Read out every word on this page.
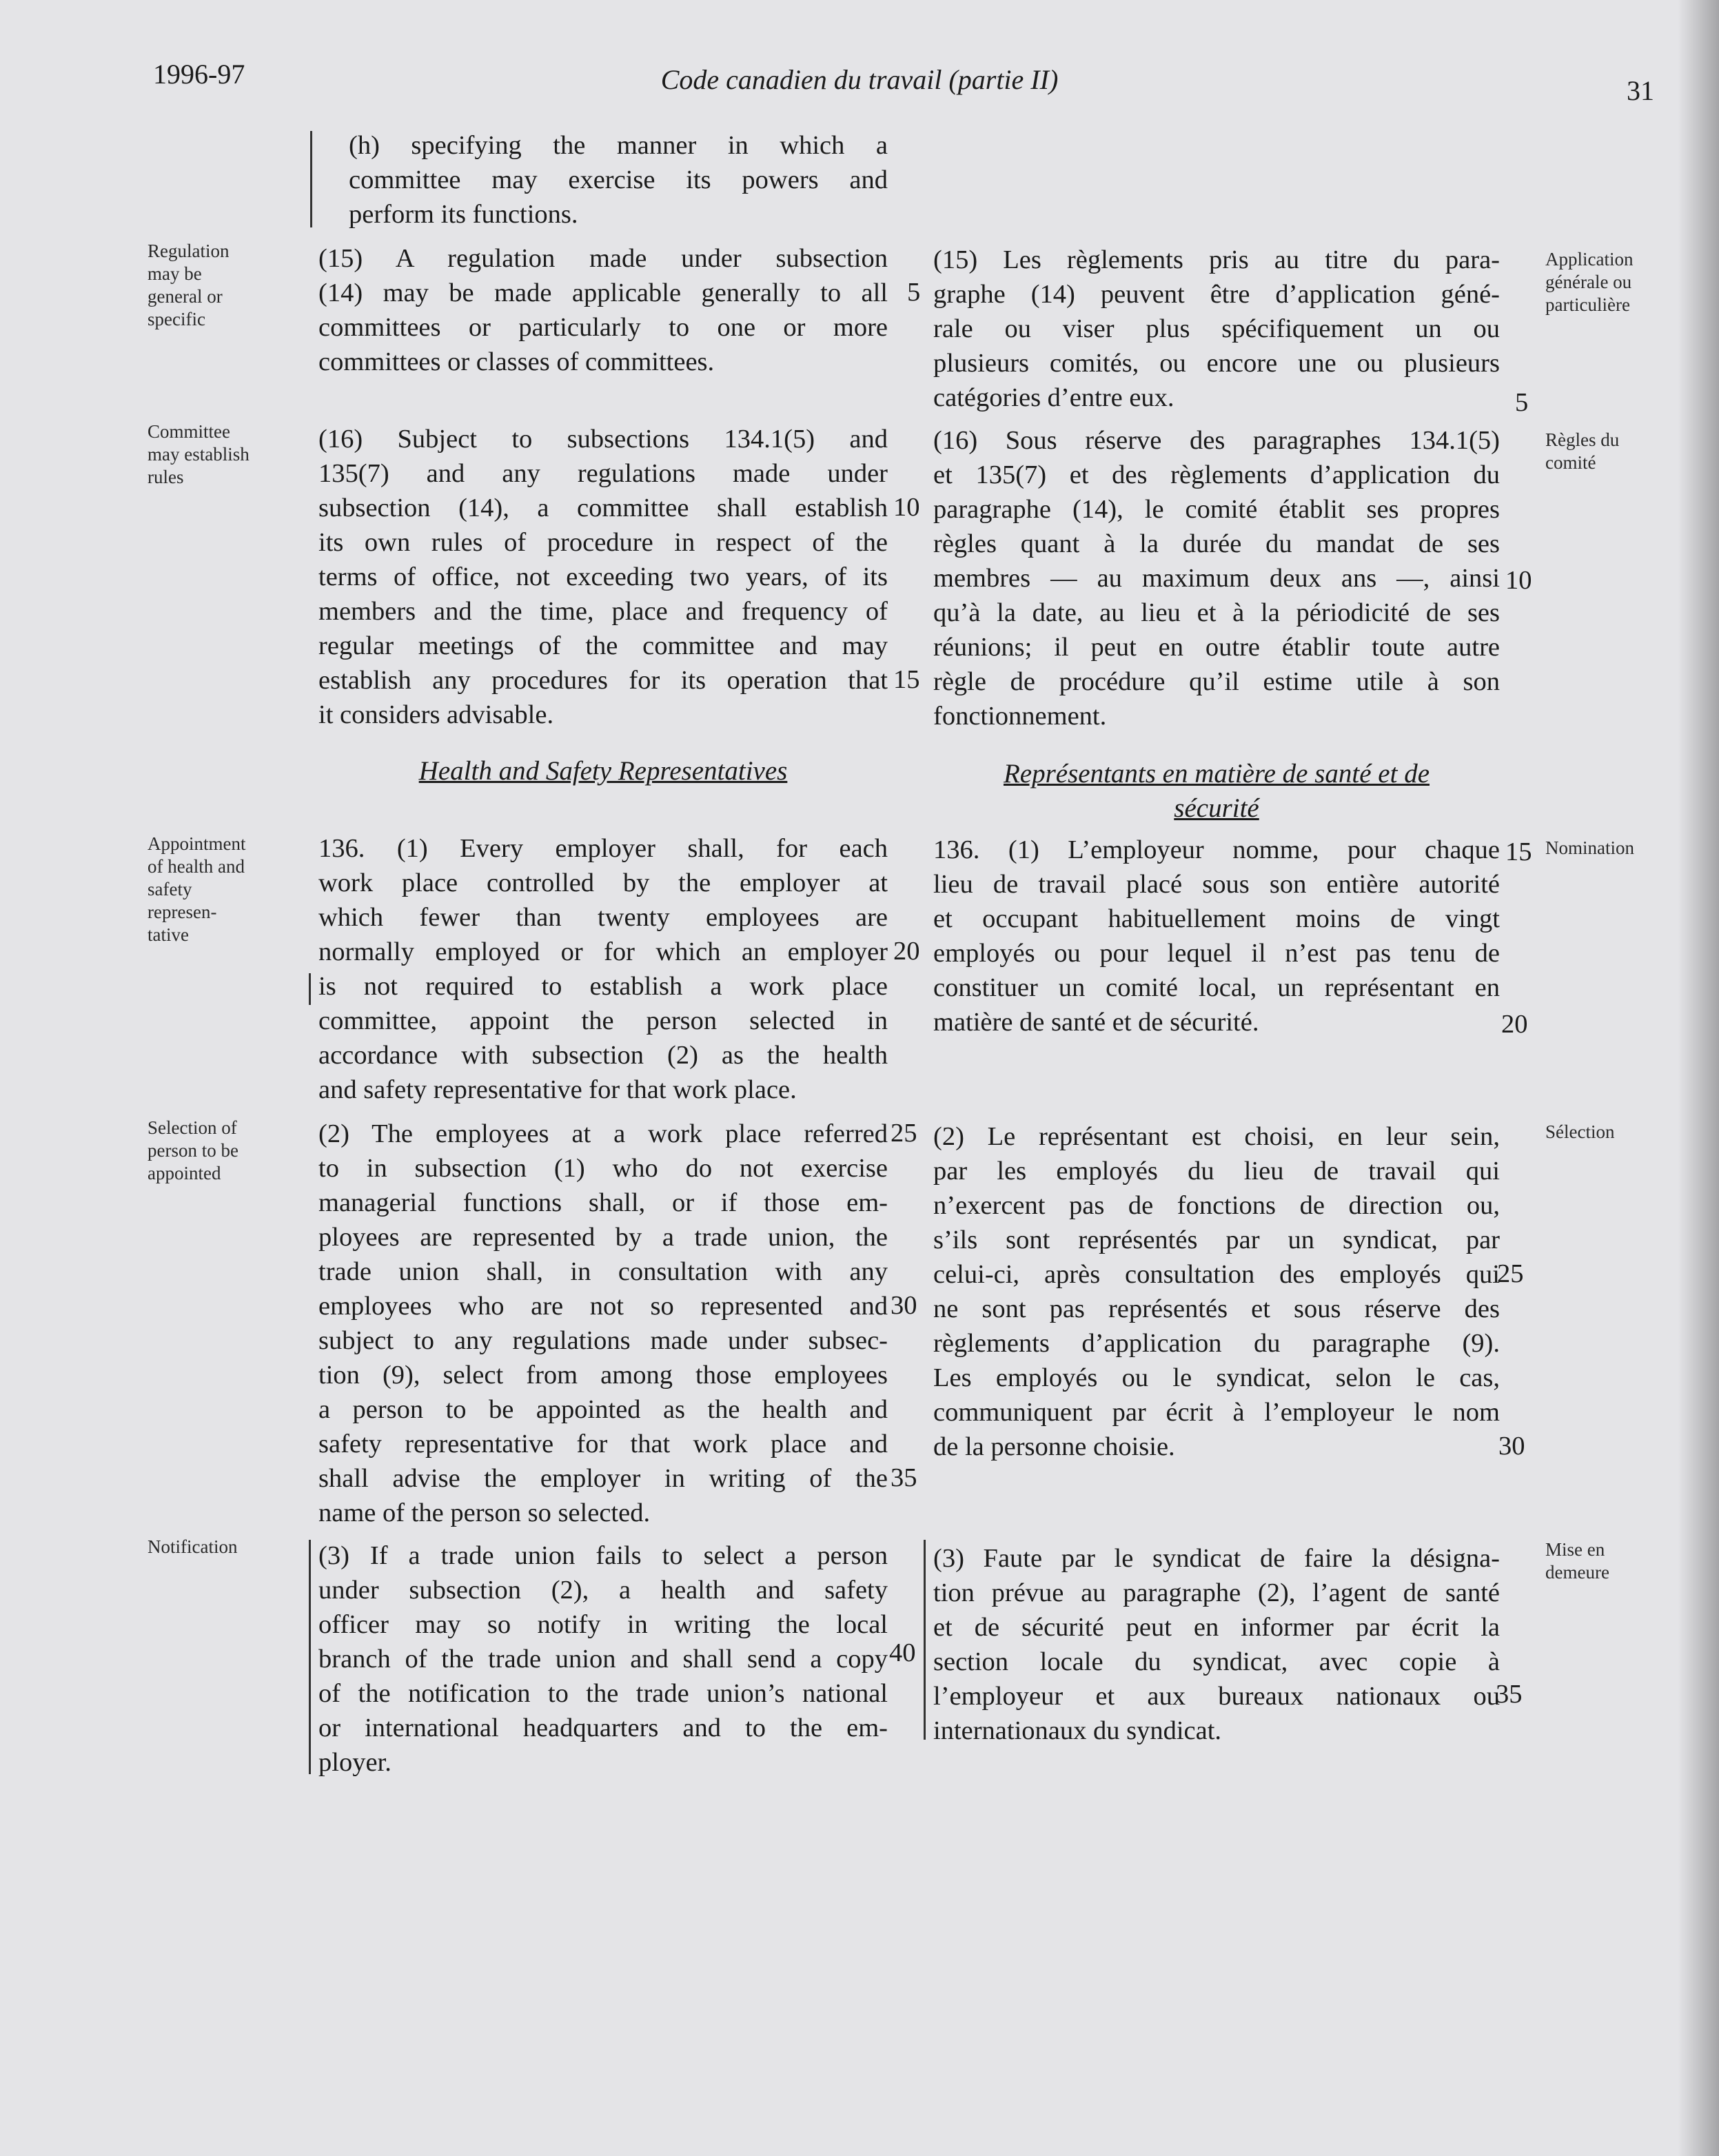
1996-97	Code canadien du travail (partie II)	31
Regulation
may be
general or
specific
Committee
may establish
rules
Appointment
of health and
safety
represen-
tative
Selection of
person to be
appointed
Notification
Application
générale ou
particulière
Règles du
comité
Nomination
Sélection
Mise en
demeure
(h) specifying the manner in which a
committee may exercise its powers and
perform its functions.
(15) A regulation made under subsection
(14) may be made applicable generally to all
committees or particularly to one or more
committees or classes of committees.
(16) Subject to subsections 134.1(5) and
135(7) and any regulations made under
subsection (14), a committee shall establish
its own rules of procedure in respect of the
terms of office, not exceeding two years, of its
members and the time, place and frequency of
regular meetings of the committee and may
establish any procedures for its operation that
it considers advisable.
Health and Safety Representatives
136. (1) Every employer shall, for each
work place controlled by the employer at
which fewer than twenty employees are
normally employed or for which an employer
is not required to establish a work place
committee, appoint the person selected in
accordance with subsection (2) as the health
and safety representative for that work place.
(2) The employees at a work place referred
to in subsection (1) who do not exercise
managerial functions shall, or if those em-
ployees are represented by a trade union, the
trade union shall, in consultation with any
employees who are not so represented and
subject to any regulations made under subsec-
tion (9), select from among those employees
a person to be appointed as the health and
safety representative for that work place and
shall advise the employer in writing of the
name of the person so selected.
(3) If a trade union fails to select a person
under subsection (2), a health and safety
officer may so notify in writing the local
branch of the trade union and shall send a copy
of the notification to the trade union’s national
or international headquarters and to the em-
ployer.
(15) Les règlements pris au titre du para-
graphe (14) peuvent être d’application géné-
rale ou viser plus spécifiquement un ou
plusieurs comités, ou encore une ou plusieurs
catégories d’entre eux.
(16) Sous réserve des paragraphes 134.1(5)
et 135(7) et des règlements d’application du
paragraphe (14), le comité établit ses propres
règles quant à la durée du mandat de ses
membres — au maximum deux ans —, ainsi
qu’à la date, au lieu et à la périodicité de ses
réunions; il peut en outre établir toute autre
règle de procédure qu’il estime utile à son
fonctionnement.
Représentants en matière de santé et de
sécurité
136. (1) L’employeur nomme, pour chaque
lieu de travail placé sous son entière autorité
et occupant habituellement moins de vingt
employés ou pour lequel il n’est pas tenu de
constituer un comité local, un représentant en
matière de santé et de sécurité.
(2) Le représentant est choisi, en leur sein,
par les employés du lieu de travail qui
n’exercent pas de fonctions de direction ou,
s’ils sont représentés par un syndicat, par
celui-ci, après consultation des employés qui
ne sont pas représentés et sous réserve des
règlements d’application du paragraphe (9).
Les employés ou le syndicat, selon le cas,
communiquent par écrit à l’employeur le nom
de la personne choisie.
(3) Faute par le syndicat de faire la désigna-
tion prévue au paragraphe (2), l’agent de santé
et de sécurité peut en informer par écrit la
section locale du syndicat, avec copie à
l’employeur et aux bureaux nationaux ou
internationaux du syndicat.
5
10
15
20
25
30
35
40
5
10
15
20
25
30
35
